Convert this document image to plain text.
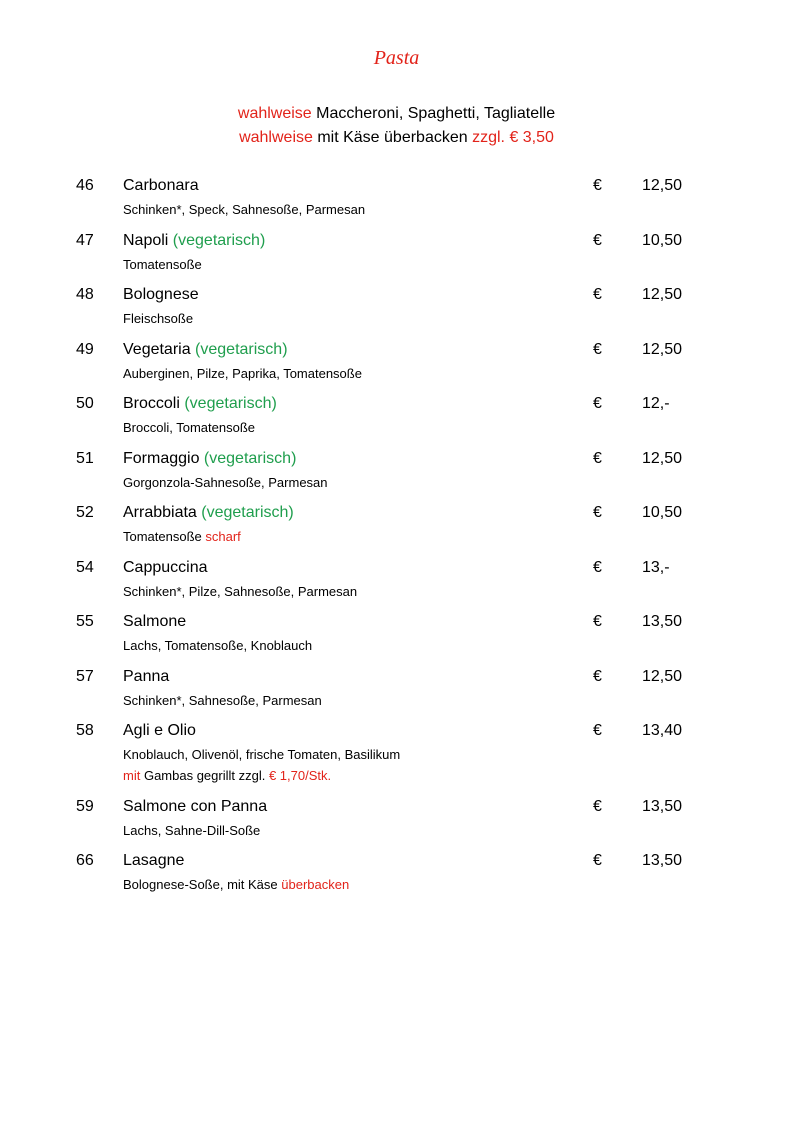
Pasta
wahlweise Maccheroni, Spaghetti, Tagliatelle
wahlweise mit Käse überbacken zzgl. € 3,50
46 Carbonara	€	12,50
Schinken*, Speck, Sahnesoße, Parmesan
47 Napoli (vegetarisch)	€	10,50
Tomatensoße
48 Bolognese	€	12,50
Fleischsoße
49 Vegetaria (vegetarisch)	€	12,50
Auberginen, Pilze, Paprika, Tomatensoße
50 Broccoli (vegetarisch)	€	12,-
Broccoli, Tomatensoße
51 Formaggio (vegetarisch)	€	12,50
Gorgonzola-Sahnesoße, Parmesan
52 Arrabbiata (vegetarisch)	€	10,50
Tomatensoße scharf
54 Cappuccina	€	13,-
Schinken*, Pilze, Sahnesoße, Parmesan
55 Salmone	€	13,50
Lachs, Tomatensoße, Knoblauch
57 Panna	€	12,50
Schinken*, Sahnesoße, Parmesan
58 Agli e Olio	€	13,40
Knoblauch, Olivenöl, frische Tomaten, Basilikum
mit Gambas gegrillt zzgl. € 1,70/Stk.
59 Salmone con Panna	€	13,50
Lachs, Sahne-Dill-Soße
66 Lasagne	€	13,50
Bolognese-Soße, mit Käse überbacken
